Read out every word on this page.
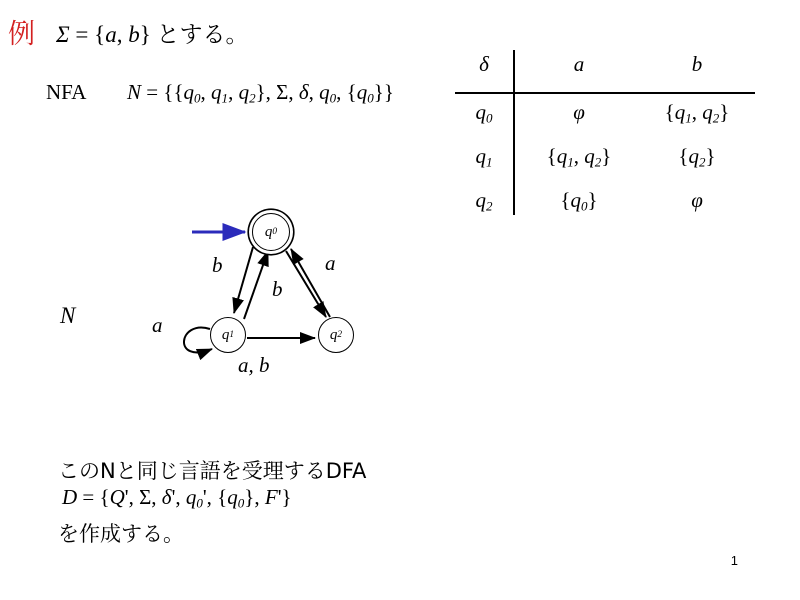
例 Σ = {a, b} とする。
NFA $N = \{\{q_0$, $q_1$, $q_2$}, Σ, δ, $q_0$, $\{q_0\}$}
δ	a	b
$q_0$	φ	{$q_1$, $q_2$}
$q_1$	{$q_1$, $q_2$}	$\{q_2\}$
$q_2$	$\{q_0\}$	φ
N
q 0
q 1	q 2
b	a
b
a
a, b
このNと同じ言語を受理するDFA
D = {Q', Σ, δ', $q_0'$, $\{q_0\}$, F'}
を作成する。
1
